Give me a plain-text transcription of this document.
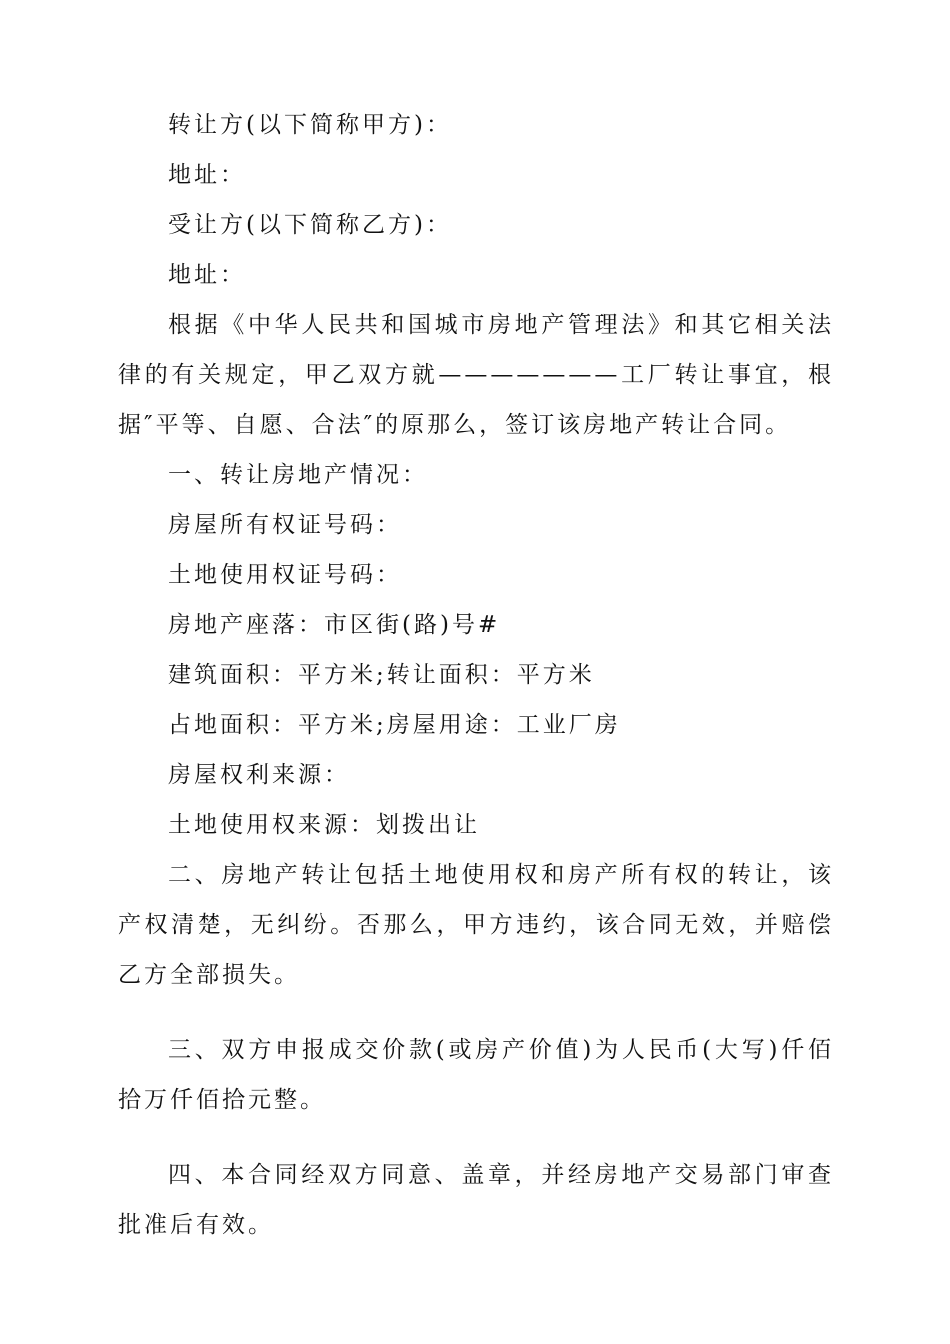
转让方(以下简称甲方)：
地址：
受让方(以下简称乙方)：
地址：

根据《中华人民共和国城市房地产管理法》和其它相关法律的有关规定，甲乙双方就———————工厂转让事宜，根据″平等、自愿、合法″的原那么，签订该房地产转让合同。

一、转让房地产情况：
房屋所有权证号码：
土地使用权证号码：
房地产座落：市区街(路)号#
建筑面积：平方米;转让面积：平方米
占地面积：平方米;房屋用途：工业厂房
房屋权利来源：
土地使用权来源：划拨出让

二、房地产转让包括土地使用权和房产所有权的转让，该产权清楚，无纠纷。否那么，甲方违约，该合同无效，并赔偿乙方全部损失。

三、双方申报成交价款(或房产价值)为人民币(大写)仟佰拾万仟佰拾元整。

四、本合同经双方同意、盖章，并经房地产交易部门审查批准后有效。
